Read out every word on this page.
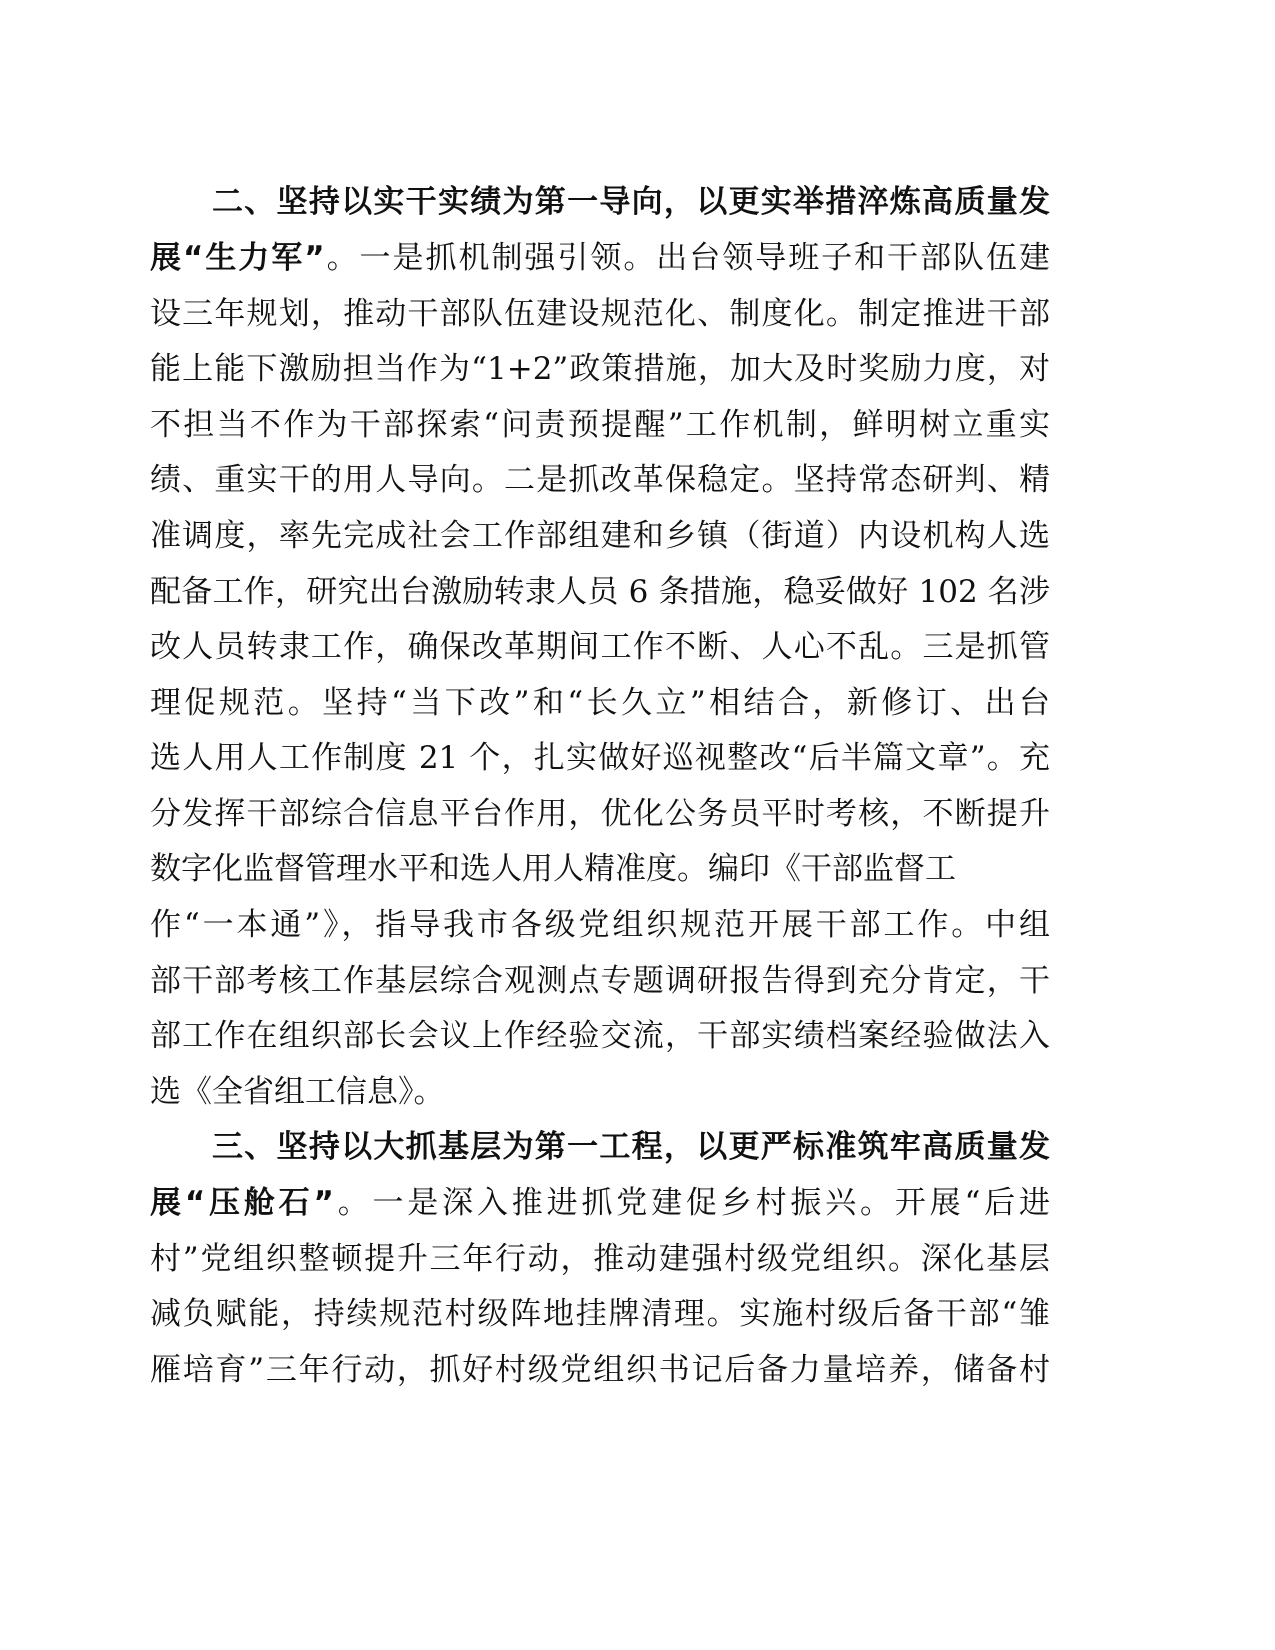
二、坚持以实干实绩为第一导向，以更实举措淬炼高质量发
展“生力军”。一是抓机制强引领。出台领导班子和干部队伍建
设三年规划，推动干部队伍建设规范化、制度化。制定推进干部
能上能下激励担当作为“1+2”政策措施，加大及时奖励力度，对
不担当不作为干部探索“问责预提醒”工作机制，鲜明树立重实
绩、重实干的用人导向。二是抓改革保稳定。坚持常态研判、精
准调度，率先完成社会工作部组建和乡镇（街道）内设机构人选
配备工作，研究出台激励转隶人员 6 条措施，稳妥做好 102 名涉
改人员转隶工作，确保改革期间工作不断、人心不乱。三是抓管
理促规范。坚持“当下改”和“长久立”相结合，新修订、出台
选人用人工作制度 21 个，扎实做好巡视整改“后半篇文章”。充
分发挥干部综合信息平台作用，优化公务员平时考核，不断提升
数字化监督管理水平和选人用人精准度。编印《干部监督工
作“一本通”》，指导我市各级党组织规范开展干部工作。中组
部干部考核工作基层综合观测点专题调研报告得到充分肯定，干
部工作在组织部长会议上作经验交流，干部实绩档案经验做法入
选《全省组工信息》。
三、坚持以大抓基层为第一工程，以更严标准筑牢高质量发
展“压舱石”。一是深入推进抓党建促乡村振兴。开展“后进
村”党组织整顿提升三年行动，推动建强村级党组织。深化基层
减负赋能，持续规范村级阵地挂牌清理。实施村级后备干部“雏
雁培育”三年行动，抓好村级党组织书记后备力量培养，储备村
